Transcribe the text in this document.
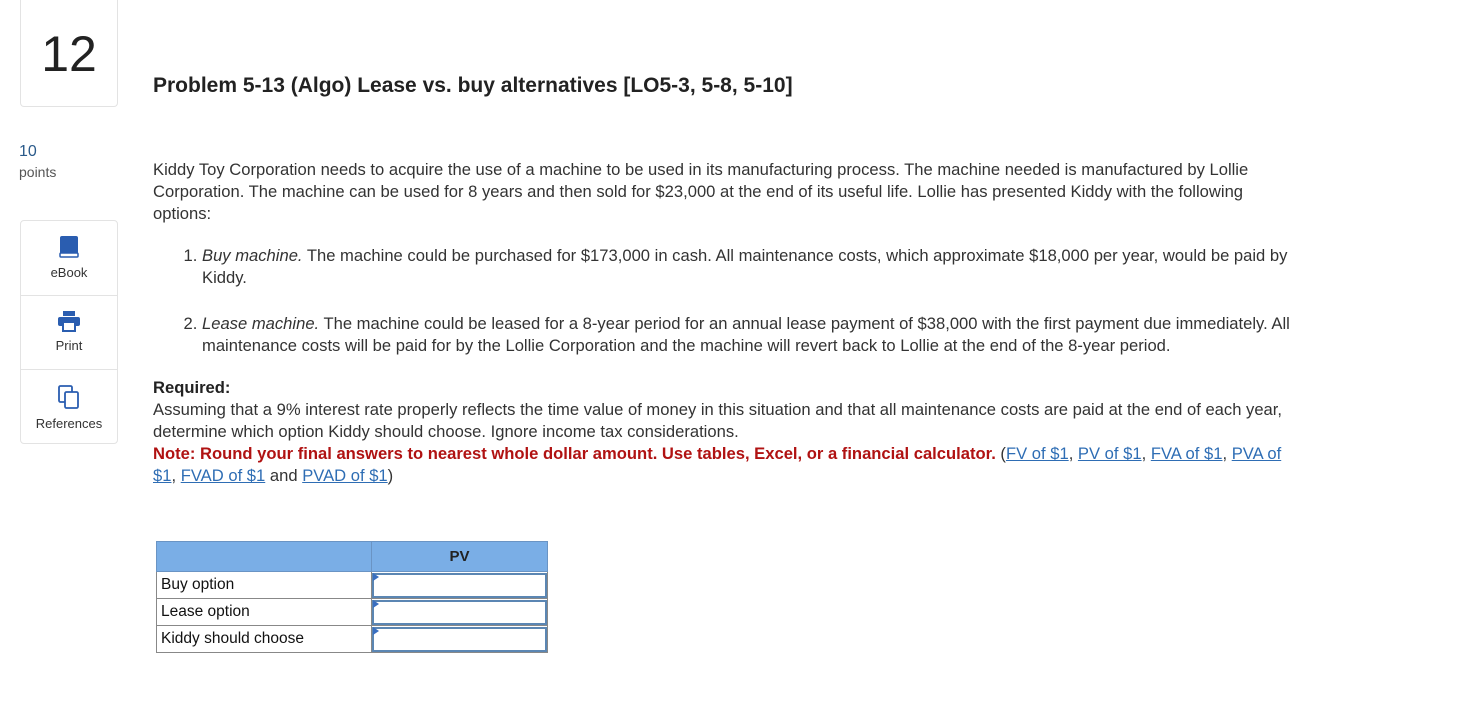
12
10
points
eBook
Print
References
Problem 5-13 (Algo) Lease vs. buy alternatives [LO5-3, 5-8, 5-10]

Kiddy Toy Corporation needs to acquire the use of a machine to be used in its manufacturing process. The machine needed is manufactured by Lollie Corporation. The machine can be used for 8 years and then sold for $23,000 at the end of its useful life. Lollie has presented Kiddy with the following options:

1. Buy machine. The machine could be purchased for $173,000 in cash. All maintenance costs, which approximate $18,000 per year, would be paid by Kiddy.
2. Lease machine. The machine could be leased for a 8-year period for an annual lease payment of $38,000 with the first payment due immediately. All maintenance costs will be paid for by the Lollie Corporation and the machine will revert back to Lollie at the end of the 8-year period.
Required:
Assuming that a 9% interest rate properly reflects the time value of money in this situation and that all maintenance costs are paid at the end of each year, determine which option Kiddy should choose. Ignore income tax considerations.
Note: Round your final answers to nearest whole dollar amount. Use tables, Excel, or a financial calculator. (FV of $1, PV of $1, FVA of $1, PVA of $1, FVAD of $1 and PVAD of $1)
	PV
Buy option	

Lease option	

Kiddy should choose	
